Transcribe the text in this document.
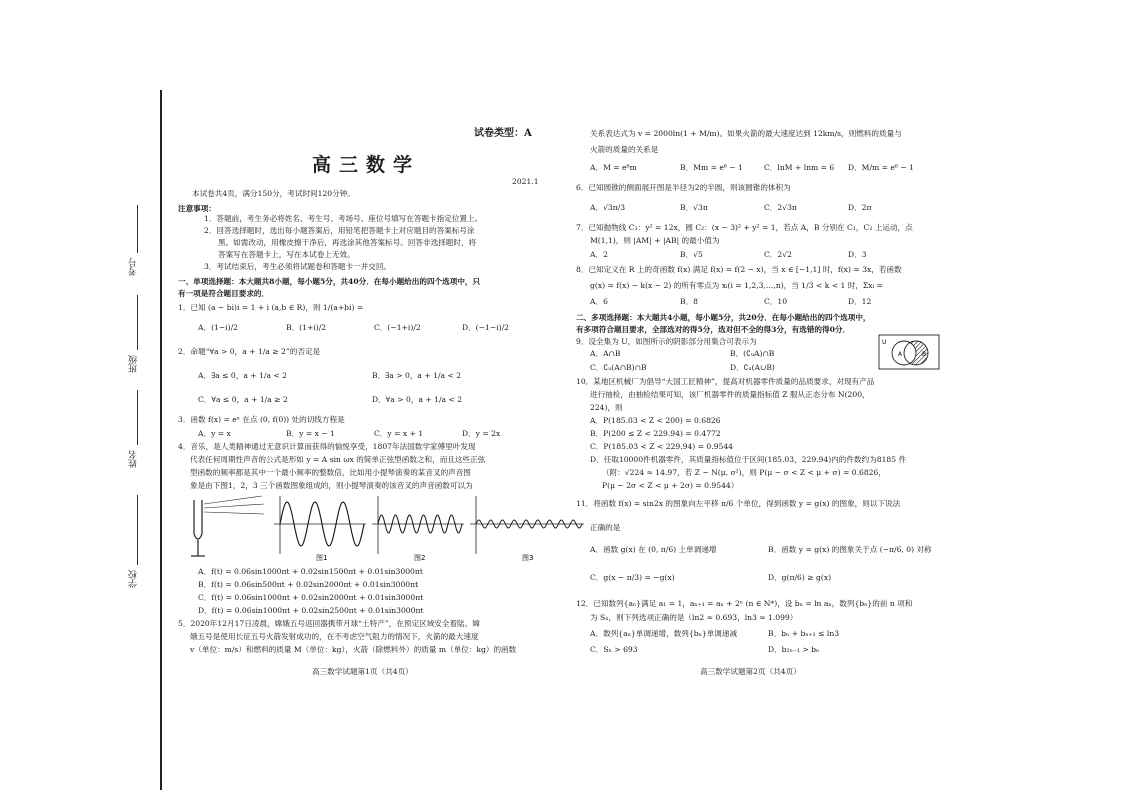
考号
班级
姓名
学校
试卷类型：A
高三数学
2021.1
本试卷共4页，满分150分，考试时间120分钟。
注意事项：
1．答题前，考生务必将姓名、考生号、考场号、座位号填写在答题卡指定位置上。
2．回答选择题时，选出每小题答案后，用铅笔把答题卡上对应题目的答案标号涂
黑。如需改动，用橡皮擦干净后，再选涂其他答案标号。回答非选择题时，将
答案写在答题卡上，写在本试卷上无效。
3．考试结束后，考生必须将试题卷和答题卡一并交回。
一、单项选择题：本大题共8小题，每小题5分，共40分．在每小题给出的四个选项中，只
有一项是符合题目要求的．
1．已知 (a − bi)i = 1 + i (a,b ∈ R)，则 1/(a+bi) =
A．(1−i)/2	B．(1+i)/2	C．(−1+i)/2	D．(−1−i)/2
2．命题“∀a > 0，a + 1/a ≥ 2”的否定是
A．∃a ≤ 0，a + 1/a < 2	B．∃a > 0，a + 1/a < 2
C．∀a ≤ 0，a + 1/a ≥ 2	D．∀a > 0，a + 1/a < 2
3．函数 f(x) = eˣ 在点 (0, f(0)) 处的切线方程是
A．y = x	B．y = x − 1	C．y = x + 1	D．y = 2x
4．音乐，是人类精神通过无意识计算而获得的愉悦享受，1807年法国数学家傅里叶发现
代表任何周期性声音的公式是形如 y = A sin ωx 的简单正弦型函数之和，而且这些正弦
型函数的频率都是其中一个最小频率的整数倍，比如用小提琴演奏的某音叉的声音图
象是由下图1，2，3 三个函数图象组成的，则小提琴演奏的该音叉的声音函数可以为
图1	图2	图3
A．f(t) = 0.06sin1000πt + 0.02sin1500πt + 0.01sin3000πt
B．f(t) = 0.06sin500πt + 0.02sin2000πt + 0.01sin3000πt
C．f(t) = 0.06sin1000πt + 0.02sin2000πt + 0.01sin3000πt
D．f(t) = 0.06sin1000πt + 0.02sin2500πt + 0.01sin3000πt
5．2020年12月17日凌晨，嫦娥五号返回器携带月球“土特产”，在预定区域安全着陆。嫦
娥五号是使用长征五号火箭发射成功的，在不考虑空气阻力的情况下，火箭的最大速度
v（单位：m/s）和燃料的质量 M（单位：kg），火箭（除燃料外）的质量 m（单位：kg）的函数
高三数学试题第1页（共4页）
关系表达式为 v = 2000ln(1 + M/m)。如果火箭的最大速度达到 12km/s，则燃料的质量与
火箭的质量的关系是
A．M = e⁶m	B．Mm = e⁶ − 1	C．lnM + lnm = 6 D．M/m = e⁶ − 1
6．已知圆锥的侧面展开图是半径为2的半圆，则该圆锥的体积为
A．√3π/3	B．√3π	C．2√3π	D．2π
7．已知抛物线 C₁：y² = 12x，圆 C₂：(x − 3)² + y² = 1，若点 A，B 分别在 C₁，C₂ 上运动，点
M(1,1)，则 |AM| + |AB| 的最小值为
A．2	B．√5	C．2√2	D．3
8．已知定义在 R 上的奇函数 f(x) 满足 f(x) = f(2 − x)，当 x ∈ [−1,1] 时，f(x) = 3x，若函数
g(x) = f(x) − k(x − 2) 的所有零点为 xᵢ(i = 1,2,3,…,n)，当 1/3 < k < 1 时，Σxᵢ =
A．6	B．8	C．10	D．12
二、多项选择题：本大题共4小题，每小题5分，共20分．在每小题给出的四个选项中，
有多项符合题目要求，全部选对的得5分，选对但不全的得3分，有选错的得0分．
9．设全集为 U，如图所示的阴影部分用集合可表示为
A．A∩B	B．(∁ᵤA)∩B
C．∁ᵤ(A∩B)∩B	D．∁ᵤ(A∪B)
U
A	B
10．某地区机械厂为倡导“大国工匠精神”，提高对机器零件质量的品质要求，对现有产品
进行抽检，由抽检结果可知，该厂机器零件的质量指标值 Z 服从正态分布 N(200，
224)，则
A．P(185.03 < Z < 200) = 0.6826
B．P(200 ≤ Z < 229.94) = 0.4772
C．P(185.03 < Z < 229.94) = 0.9544
D．任取10000件机器零件，其质量指标值位于区间(185.03，229.94)内的件数约为8185 件
（附：√224 ≈ 14.97，若 Z ~ N(μ, σ²)，则 P(μ − σ < Z < μ + σ) = 0.6826，
P(μ − 2σ < Z < μ + 2σ) = 0.9544）
11．将函数 f(x) = sin2x 的图象向左平移 π/6 个单位，得到函数 y = g(x) 的图象，则以下说法
正确的是
A．函数 g(x) 在 (0, π/6) 上单调递增	B．函数 y = g(x) 的图象关于点 (−π/6, 0) 对称
C．g(x − π/3) = −g(x)	D．g(π/6) ≥ g(x)
12．已知数列{aₙ}满足 a₁ = 1，aₙ₊₁ = aₙ + 2ⁿ (n ∈ N*)，设 bₙ = ln aₙ，数列{bₙ}的前 n 项和
为 Sₙ，则下列选项正确的是（ln2 ≈ 0.693，ln3 ≈ 1.099）
A．数列{aₙ}单调递增，数列{bₙ}单调递减	B．bₙ + bₙ₊₁ ≤ ln3
C．Sₙ > 693	D．b₂ₙ₋₁ > bₙ
高三数学试题第2页（共4页）
